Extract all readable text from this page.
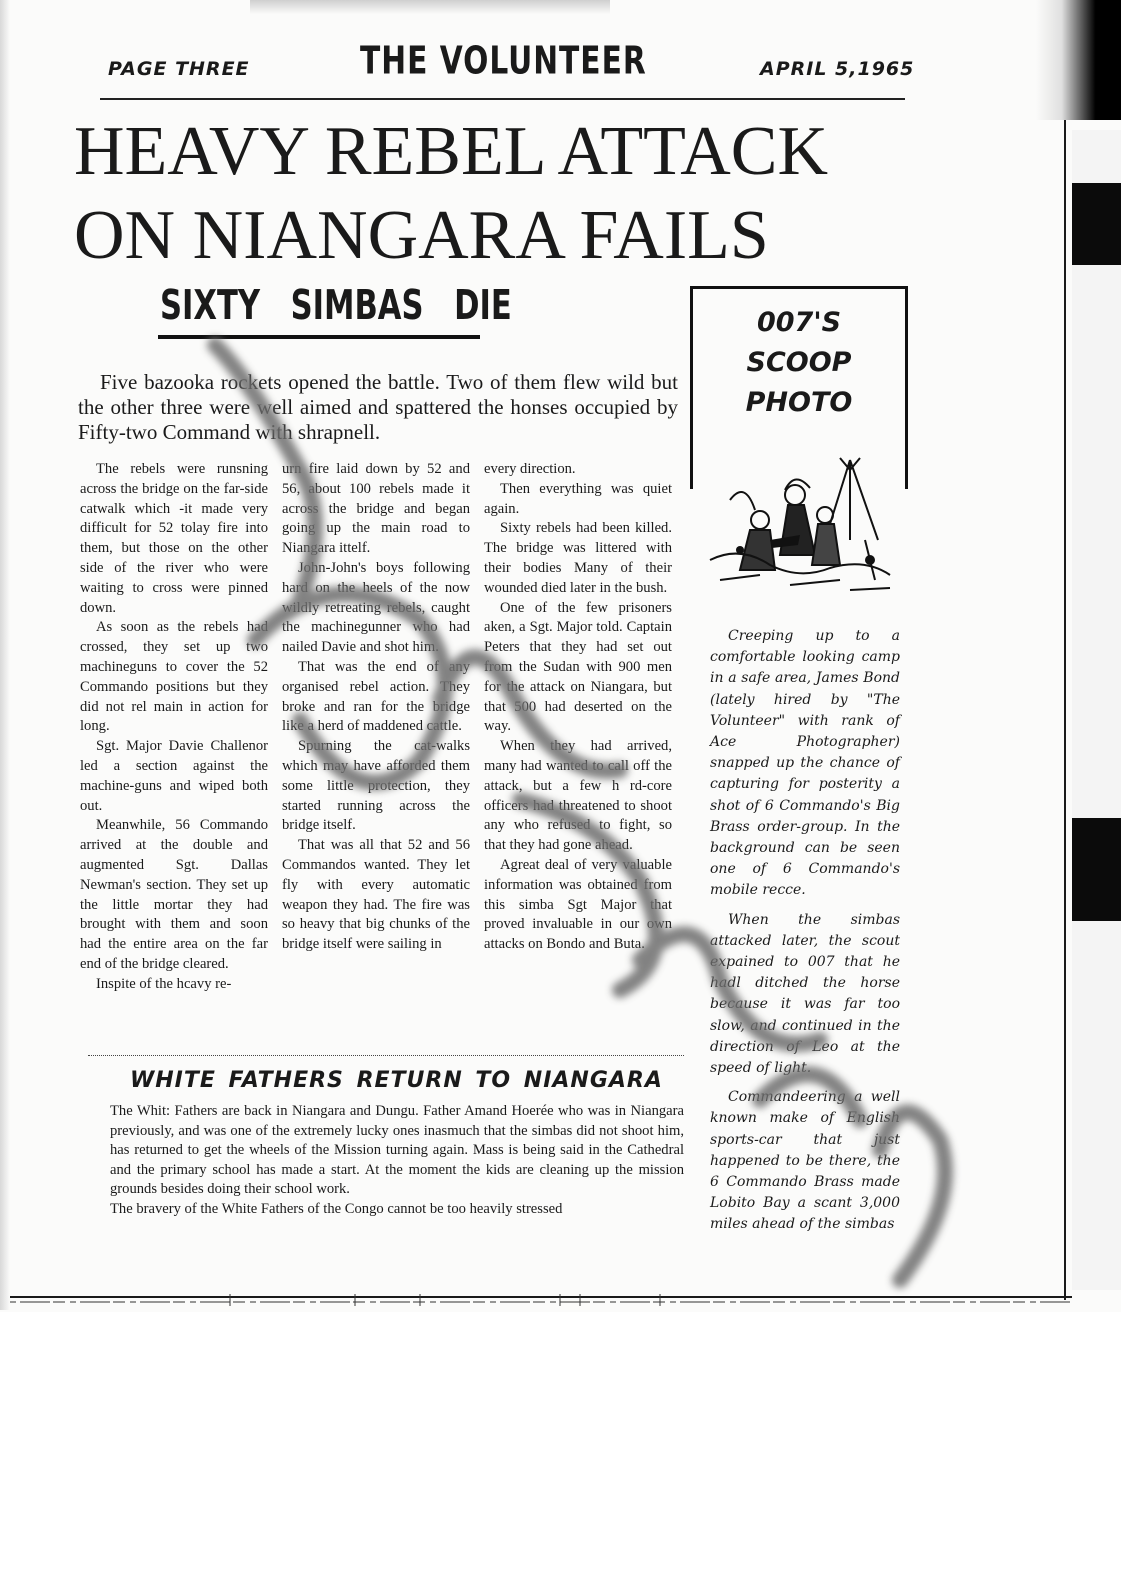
PAGE THREE	THE VOLUNTEER	APRIL 5,1965
HEAVY REBEL ATTACK
ON NIANGARA FAILS
SIXTY SIMBAS DIE

Five bazooka rockets opened the battle. Two of them flew wild but the other three were well aimed and spattered the honses occupied by Fifty-two Command with shrapnell.

The rebels were runsning across the bridge on the far-side catwalk which -it made very difficult for 52 tolay fire into them, but those on the other side of the river who were waiting to cross were pinned down.

As soon as the rebels had crossed, they set up two machineguns to cover the 52 Commando positions but they did not rel main in action for long.

Sgt. Major Davie Challenor led a section against the machine-guns and wiped both out.

Meanwhile, 56 Commando arrived at the double and augmented Sgt. Dallas Newman's section. They set up the little mortar they had brought with them and soon had the entire area on the far end of the bridge cleared.

Inspite of the hcavy re-

urn fire laid down by 52 and 56, about 100 rebels made it across the bridge and began going up the main road to Niangara ittelf.

John-John's boys following hard on the heels of the now wildly retreating rebels, caught the machinegunner who had nailed Davie and shot him.

That was the end of any organised rebel action. They broke and ran for the bridge like a herd of maddened cattle.

Spurning the cat-walks which may have afforded them some little protection, they started running across the bridge itself.

That was all that 52 and 56 Commandos wanted. They let fly with every automatic weapon they had. The fire was so heavy that big chunks of the bridge itself were sailing in

every direction.

Then everything was quiet again.

Sixty rebels had been killed. The bridge was littered with their bodies Many of their wounded died later in the bush.

One of the few prisoners aken, a Sgt. Major told. Captain Peters that they had set out from the Sudan with 900 men for the attack on Niangara, but that 500 had deserted on the way.

When they had arrived, many had wanted to call off the attack, but a few h rd-core officers had threatened to shoot any who refused to fight, so that they had gone ahead.

Agreat deal of very valuable information was obtained from this simba Sgt Major that proved invaluable in our own attacks on Bondo and Buta.

WHITE FATHERS RETURN TO NIANGARA

The Whit: Fathers are back in Niangara and Dungu. Father Amand Hoerée who was in Niangara previously, and was one of the extremely lucky ones inasmuch that the simbas did not shoot him, has returned to get the wheels of the Mission turning again. Mass is being said in the Cathedral and the primary school has made a start. At the moment the kids are cleaning up the mission grounds besides doing their school work.

The bravery of the White Fathers of the Congo cannot be too heavily stressed

007'S
SCOOP
PHOTO

Creeping up to a comfortable looking camp in a safe area, James Bond (lately hired by "The Volunteer" with rank of Ace Photographer) snapped up the chance of capturing for posterity a shot of 6 Commando's Big Brass order-group. In the background can be seen one of 6 Commando's mobile recce.

When the simbas attacked later, the scout expained to 007 that he hadl ditched the horse because it was far too slow, and continued in the direction of Leo at the speed of light.

Commandeering a well known make of English sports-car that just happened to be there, the 6 Commando Brass made Lobito Bay a scant 3,000 miles ahead of the simbas
